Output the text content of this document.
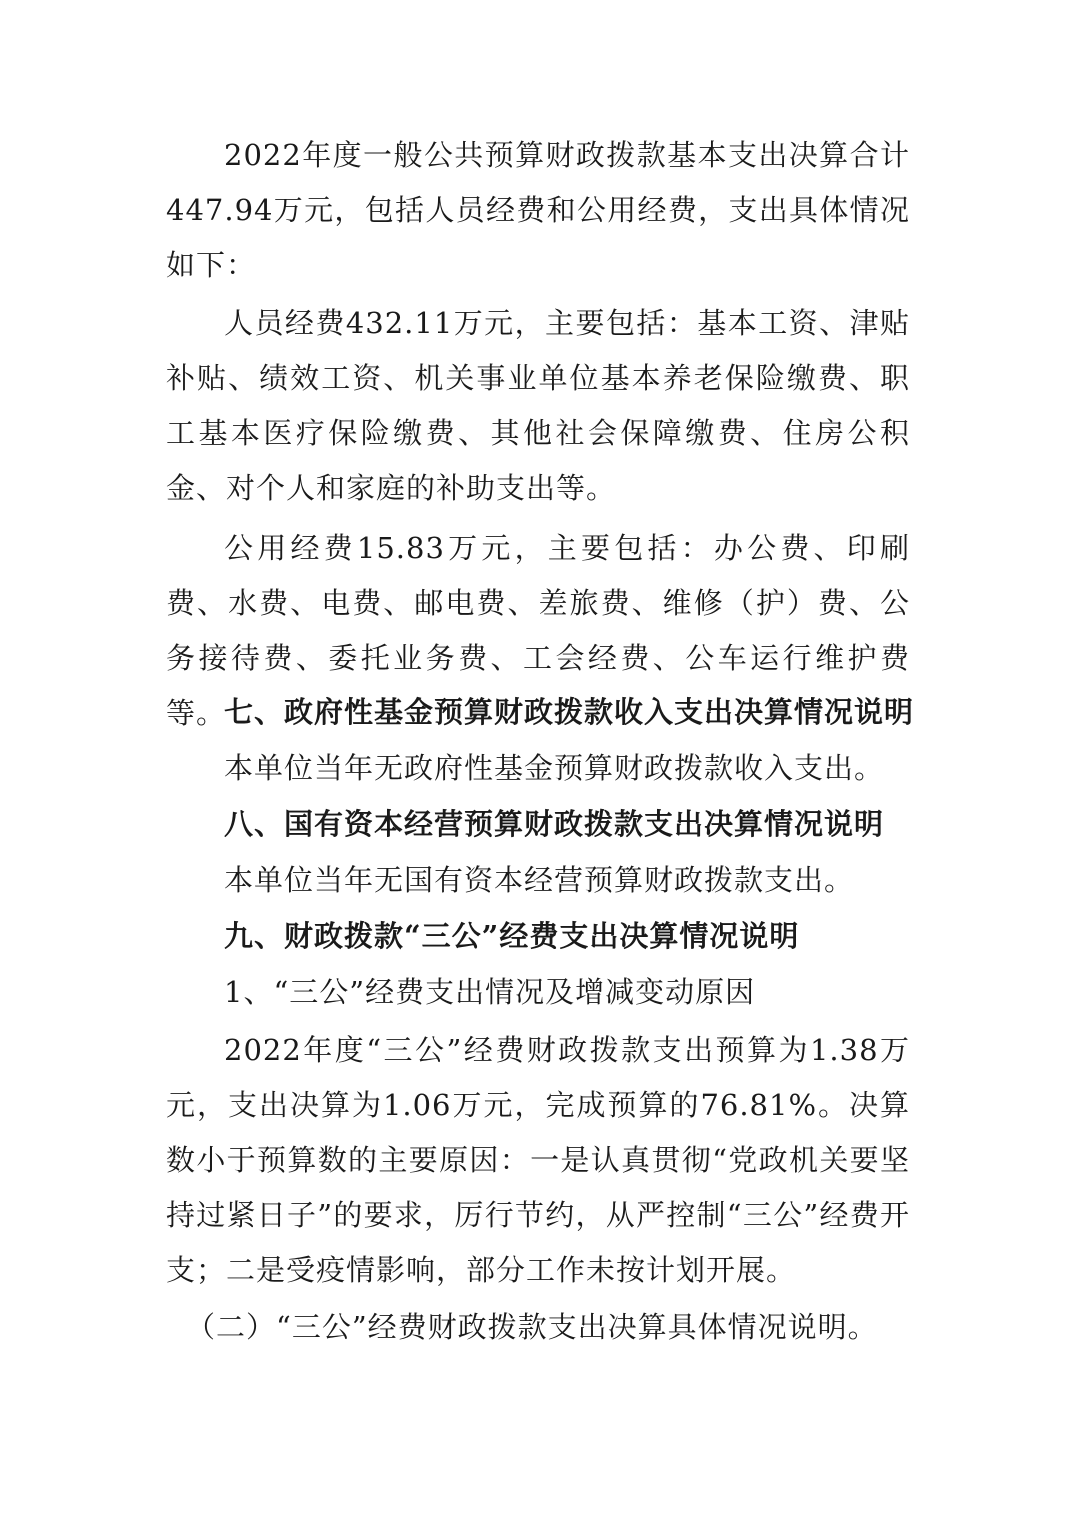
2022年度一般公共预算财政拨款基本支出决算合计447.94万元，包括人员经费和公用经费，支出具体情况如下：

人员经费432.11万元，主要包括：基本工资、津贴补贴、绩效工资、机关事业单位基本养老保险缴费、职工基本医疗保险缴费、其他社会保障缴费、住房公积金、对个人和家庭的补助支出等。

公用经费15.83万元，主要包括：办公费、印刷费、水费、电费、邮电费、差旅费、维修（护）费、公务接待费、委托业务费、工会经费、公车运行维护费等。

七、政府性基金预算财政拨款收入支出决算情况说明

本单位当年无政府性基金预算财政拨款收入支出。

八、国有资本经营预算财政拨款支出决算情况说明

本单位当年无国有资本经营预算财政拨款支出。

九、财政拨款“三公”经费支出决算情况说明

1、“三公”经费支出情况及增减变动原因

2022年度“三公”经费财政拨款支出预算为1.38万元，支出决算为1.06万元，完成预算的76.81%。决算数小于预算数的主要原因：一是认真贯彻“党政机关要坚持过紧日子”的要求，厉行节约，从严控制“三公”经费开支；二是受疫情影响，部分工作未按计划开展。

（二）“三公”经费财政拨款支出决算具体情况说明。
